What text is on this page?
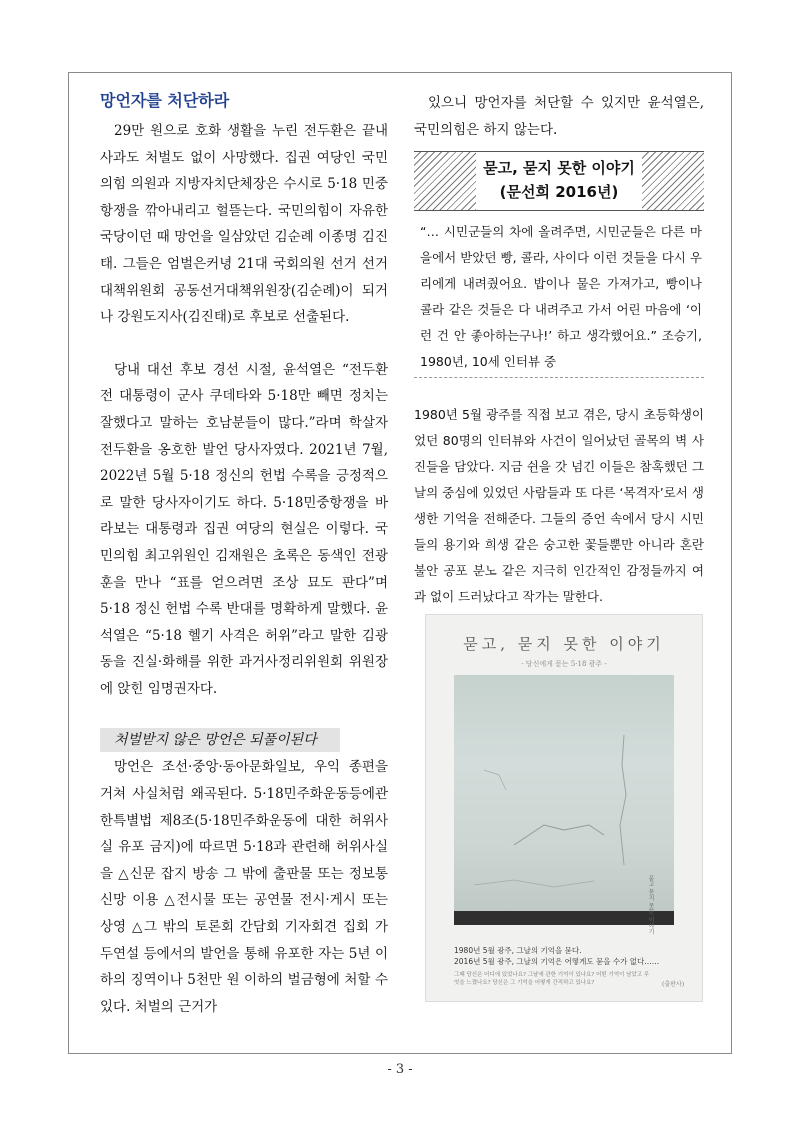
망언자를 처단하라

29만 원으로 호화 생활을 누린 전두환은 끝내 사과도 처벌도 없이 사망했다. 집권 여당인 국민의힘 의원과 지방자치단체장은 수시로 5·18 민중항쟁을 깎아내리고 헐뜯는다. 국민의힘이 자유한국당이던 때 망언을 일삼았던 김순례 이종명 김진태. 그들은 엄벌은커녕 21대 국회의원 선거 선거대책위원회 공동선거대책위원장(김순례)이 되거나 강원도지사(김진태)로 후보로 선출된다.

당내 대선 후보 경선 시절, 윤석열은 “전두환 전 대통령이 군사 쿠데타와 5·18만 빼면 정치는 잘했다고 말하는 호남분들이 많다.”라며 학살자 전두환을 옹호한 발언 당사자였다. 2021년 7월, 2022년 5월 5·18 정신의 헌법 수록을 긍정적으로 말한 당사자이기도 하다. 5·18민중항쟁을 바라보는 대통령과 집권 여당의 현실은 이렇다. 국민의힘 최고위원인 김재원은 초록은 동색인 전광훈을 만나 “표를 얻으려면 조상 묘도 판다”며 5·18 정신 헌법 수록 반대를 명확하게 말했다. 윤석열은 “5·18 헬기 사격은 허위”라고 말한 김광동을 진실·화해를 위한 과거사정리위원회 위원장에 앉힌 임명권자다.

처벌받지 않은 망언은 되풀이된다

망언은 조선·중앙·동아문화일보, 우익 종편을 거쳐 사실처럼 왜곡된다. 5·18민주화운동등에관한특별법 제8조(5·18민주화운동에 대한 허위사실 유포 금지)에 따르면 5·18과 관련해 허위사실을 △신문 잡지 방송 그 밖에 출판물 또는 정보통신망 이용 △전시물 또는 공연물 전시·게시 또는 상영 △그 밖의 토론회 간담회 기자회견 집회 가두연설 등에서의 발언을 통해 유포한 자는 5년 이하의 징역이나 5천만 원 이하의 벌금형에 처할 수 있다. 처벌의 근거가

있으니 망언자를 처단할 수 있지만 윤석열은, 국민의힘은 하지 않는다.

묻고, 묻지 못한 이야기
(문선희 2016년)

“… 시민군들의 차에 올려주면, 시민군들은 다른 마을에서 받았던 빵, 콜라, 사이다 이런 것들을 다시 우리에게 내려줬어요. 밥이나 물은 가져가고, 빵이나 콜라 같은 것들은 다 내려주고 가서 어린 마음에 ‘이런 건 안 좋아하는구나!’ 하고 생각했어요.” 조승기, 1980년, 10세 인터뷰 중

1980년 5월 광주를 직접 보고 겪은, 당시 초등학생이었던 80명의 인터뷰와 사건이 일어났던 골목의 벽 사진들을 담았다. 지금 쉰을 갓 넘긴 이들은 참혹했던 그날의 중심에 있었던 사람들과 또 다른 ‘목격자’로서 생생한 기억을 전해준다. 그들의 증언 속에서 당시 시민들의 용기와 희생 같은 숭고한 꽃들뿐만 아니라 혼란 불안 공포 분노 같은 지극히 인간적인 감정들까지 여과 없이 드러났다고 작가는 말한다.

묻고, 묻지 못한 이야기
- 당신에게 묻는 5·18 광주 -
묻고 묻지 못한 이야기
1980년 5월 광주, 그날의 기억을 묻다.
2016년 5월 광주, 그날의 기억은 어떻게도 묻을 수가 없다……
그때 당신은 어디에 있었나요? 그날에 관한 기억이 있나요? 어떤 기억이 남았고 무엇을 느꼈나요? 당신은 그 기억을 어떻게 간직하고 있나요?	(출판사)
- 3 -
